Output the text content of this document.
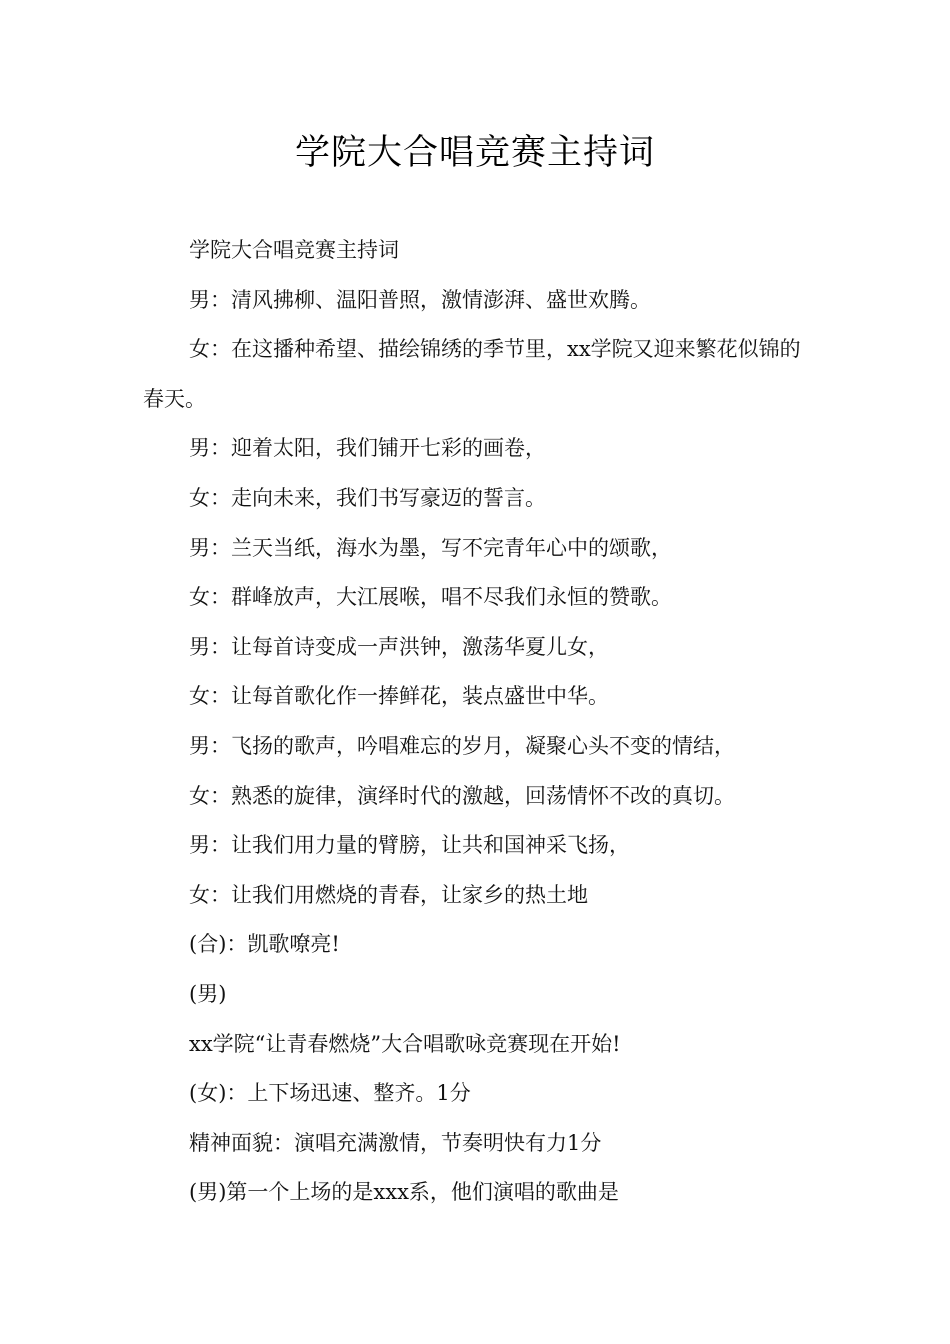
学院大合唱竞赛主持词

学院大合唱竞赛主持词

男：清风拂柳、温阳普照，激情澎湃、盛世欢腾。

女：在这播种希望、描绘锦绣的季节里，xx学院又迎来繁花似锦的春天。

男：迎着太阳，我们铺开七彩的画卷，

女：走向未来，我们书写豪迈的誓言。

男：兰天当纸，海水为墨，写不完青年心中的颂歌，

女：群峰放声，大江展喉，唱不尽我们永恒的赞歌。

男：让每首诗变成一声洪钟，激荡华夏儿女，

女：让每首歌化作一捧鲜花，装点盛世中华。

男：飞扬的歌声，吟唱难忘的岁月，凝聚心头不变的情结，

女：熟悉的旋律，演绎时代的激越，回荡情怀不改的真切。

男：让我们用力量的臂膀，让共和国神采飞扬，

女：让我们用燃烧的青春，让家乡的热土地

(合)：凯歌嘹亮!

(男)

xx学院“让青春燃烧”大合唱歌咏竞赛现在开始!

(女)：上下场迅速、整齐。1分

精神面貌：演唱充满激情，节奏明快有力1分

(男)第一个上场的是xxx系，他们演唱的歌曲是
